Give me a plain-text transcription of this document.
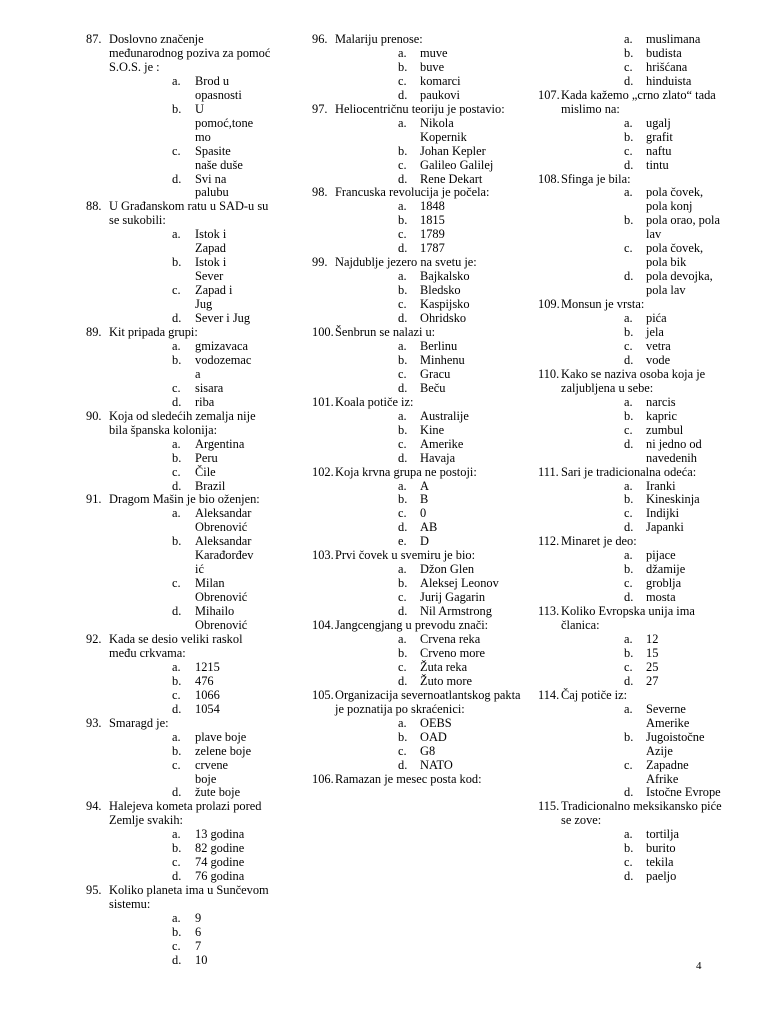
87. Doslovno značenje međunarodnog poziva za pomoć S.O.S. je :
a.	Brod u opasnosti
b.	U pomoć,tone mo
c.	Spasite naše duše
d.	Svi na palubu
88. U Građanskom ratu u SAD-u su se sukobili:
a.	Istok i Zapad
b.	Istok i Sever
c.	Zapad i Jug
d.	Sever i Jug
89. Kit pripada grupi:
a.	gmizavaca
b.	vodozemac a
c.	sisara
d.	riba
90. Koja od sledećih zemalja nije bila španska kolonija:
a.	Argentina
b.	Peru
c.	Čile
d.	Brazil
91. Dragom Mašin je bio oženjen:
a.	Aleksandar Obrenović
b.	Aleksandar Karađorđev ić
c.	Milan Obrenović
d.	Mihailo Obrenović
92. Kada se desio veliki raskol među crkvama:
a.	1215
b.	476
c.	1066
d.	1054
93. Smaragd je:
a.	plave boje
b.	zelene boje
c.	crvene boje
d.	žute boje
94. Halejeva kometa prolazi pored Zemlje svakih:
a.	13 godina
b.	82 godine
c.	74 godine
d.	76 godina
95. Koliko planeta ima u Sunčevom sistemu:
a.	9
b.	6
c.	7
d.	10
96. Malariju prenose:
a.	muve
b.	buve
c.	komarci
d.	paukovi
97. Heliocentričnu teoriju je postavio:
a.	Nikola Kopernik
b.	Johan Kepler
c.	Galileo Galilej
d.	Rene Dekart
98. Francuska revolucija je počela:
a.	1848
b.	1815
c.	1789
d.	1787
99. Najdublje jezero na svetu je:
a.	Bajkalsko
b.	Bledsko
c.	Kaspijsko
d.	Ohridsko
100. Šenbrun se nalazi u:
a.	Berlinu
b.	Minhenu
c.	Gracu
d.	Beču
101. Koala potiče iz:
a.	Australije
b.	Kine
c.	Amerike
d.	Havaja
102. Koja krvna grupa ne postoji:
a.	A
b.	B
c.	0
d.	AB
e.	D
103. Prvi čovek u svemiru je bio:
a.	Džon Glen
b.	Aleksej Leonov
c.	Jurij Gagarin
d.	Nil Armstrong
104. Jangcengjang u prevodu znači:
a.	Crvena reka
b.	Crveno more
c.	Žuta reka
d.	Žuto more
105. Organizacija severnoatlantskog pakta je poznatija po skraćenici:
a.	OEBS
b.	OAD
c.	G8
d.	NATO
106. Ramazan je mesec posta kod:
a.	muslimana
b.	budista
c.	hrišćana
d.	hinduista
107. Kada kažemo „crno zlato“ tada mislimo na:
a.	ugalj
b.	grafit
c.	naftu
d.	tintu
108. Sfinga je bila:
a.	pola čovek, pola konj
b.	pola orao, pola lav
c.	pola čovek, pola bik
d.	pola devojka, pola lav
109. Monsun je vrsta:
a.	pića
b.	jela
c.	vetra
d.	vode
110. Kako se naziva osoba koja je zaljubljena u sebe:
a.	narcis
b.	kapric
c.	zumbul
d.	ni jedno od navedenih
111. Sari je tradicionalna odeća:
a.	Iranki
b.	Kineskinja
c.	Indijki
d.	Japanki
112. Minaret je deo:
a.	pijace
b.	džamije
c.	groblja
d.	mosta
113. Koliko Evropska unija ima članica:
a.	12
b.	15
c.	25
d.	27
114. Čaj potiče iz:
a.	Severne Amerike
b.	Jugoistočne Azije
c.	Zapadne Afrike
d.	Istočne Evrope
115. Tradicionalno meksikansko piće se zove:
a.	tortilja
b.	burito
c.	tekila
d.	paeljo
4
